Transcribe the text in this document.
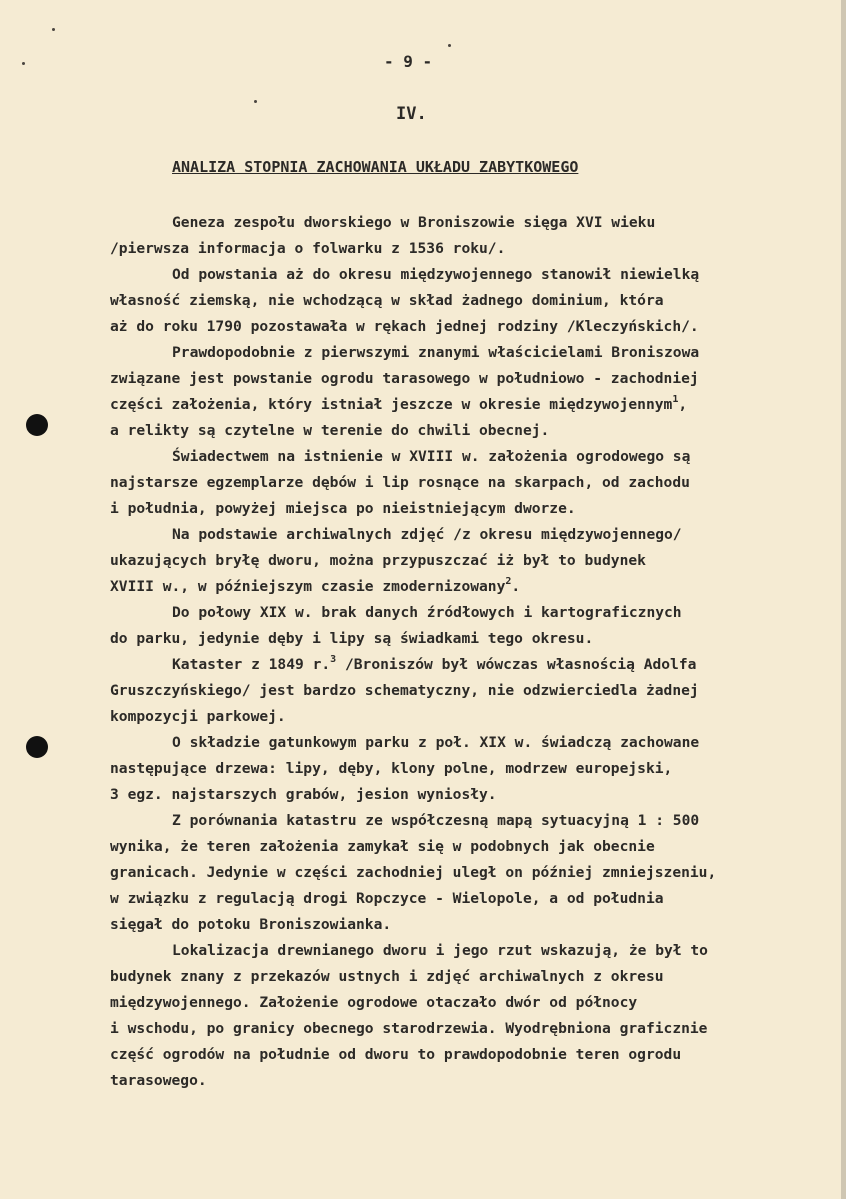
- 9 -
IV.
ANALIZA STOPNIA ZACHOWANIA UKŁADU ZABYTKOWEGO
Geneza zespołu dworskiego w Broniszowie sięga XVI wieku
/pierwsza informacja o folwarku z 1536 roku/.
Od powstania aż do okresu międzywojennego stanowił niewielką
własność ziemską, nie wchodzącą w skład żadnego dominium, która
aż do roku 1790 pozostawała w rękach jednej rodziny /Kleczyńskich/.
Prawdopodobnie z pierwszymi znanymi właścicielami Broniszowa
związane jest powstanie ogrodu tarasowego w południowo - zachodniej
części założenia, który istniał jeszcze w okresie międzywojennym$^1$,
a relikty są czytelne w terenie do chwili obecnej.
Świadectwem na istnienie w XVIII w. założenia ogrodowego są
najstarsze egzemplarze dębów i lip rosnące na skarpach, od zachodu
i południa, powyżej miejsca po nieistniejącym dworze.
Na podstawie archiwalnych zdjęć /z okresu międzywojennego/
ukazujących bryłę dworu, można przypuszczać iż był to budynek
XVIII w., w późniejszym czasie zmodernizowany$^2$.
Do połowy XIX w. brak danych źródłowych i kartograficznych
do parku, jedynie dęby i lipy są świadkami tego okresu.
Kataster z 1849 r.$^3$ /Broniszów był wówczas własnością Adolfa
Gruszczyńskiego/ jest bardzo schematyczny, nie odzwierciedla żadnej
kompozycji parkowej.
O składzie gatunkowym parku z poł. XIX w. świadczą zachowane
następujące drzewa: lipy, dęby, klony polne, modrzew europejski,
3 egz. najstarszych grabów, jesion wyniosły.
Z porównania katastru ze współczesną mapą sytuacyjną 1 : 500
wynika, że teren założenia zamykał się w podobnych jak obecnie
granicach. Jedynie w części zachodniej uległ on później zmniejszeniu,
w związku z regulacją drogi Ropczyce - Wielopole, a od południa
sięgał do potoku Broniszowianka.
Lokalizacja drewnianego dworu i jego rzut wskazują, że był to
budynek znany z przekazów ustnych i zdjęć archiwalnych z okresu
międzywojennego. Założenie ogrodowe otaczało dwór od północy
i wschodu, po granicy obecnego starodrzewia. Wyodrębniona graficznie
część ogrodów na południe od dworu to prawdopodobnie teren ogrodu
tarasowego.
